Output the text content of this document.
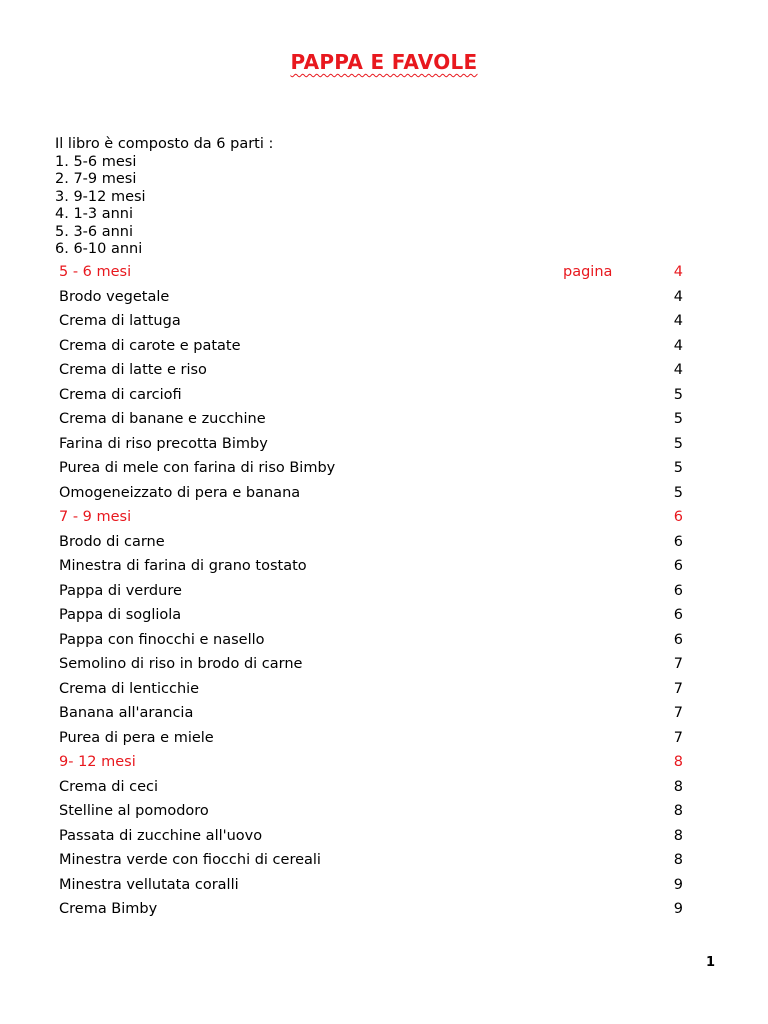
PAPPA E FAVOLE
Il libro è composto da 6 parti :
1. 5-6 mesi
2. 7-9 mesi
3. 9-12 mesi
4. 1-3 anni
5. 3-6 anni
6. 6-10 anni
5 - 6 mesi	pagina	4
Brodo vegetale	4
Crema di lattuga	4
Crema di carote e patate	4
Crema di latte e riso	4
Crema di carciofi	5
Crema di banane e zucchine	5
Farina di riso precotta Bimby	5
Purea di mele con farina di riso Bimby	5
Omogeneizzato di pera e banana	5
7 - 9 mesi	6
Brodo di carne	6
Minestra di farina di grano tostato	6
Pappa di verdure	6
Pappa di sogliola	6
Pappa con finocchi e nasello	6
Semolino di riso in brodo di carne	7
Crema di lenticchie	7
Banana all'arancia	7
Purea di pera e miele	7
9- 12 mesi	8
Crema di ceci	8
Stelline al pomodoro	8
Passata di zucchine all'uovo	8
Minestra verde con fiocchi di cereali	8
Minestra vellutata coralli	9
Crema Bimby	9
1
